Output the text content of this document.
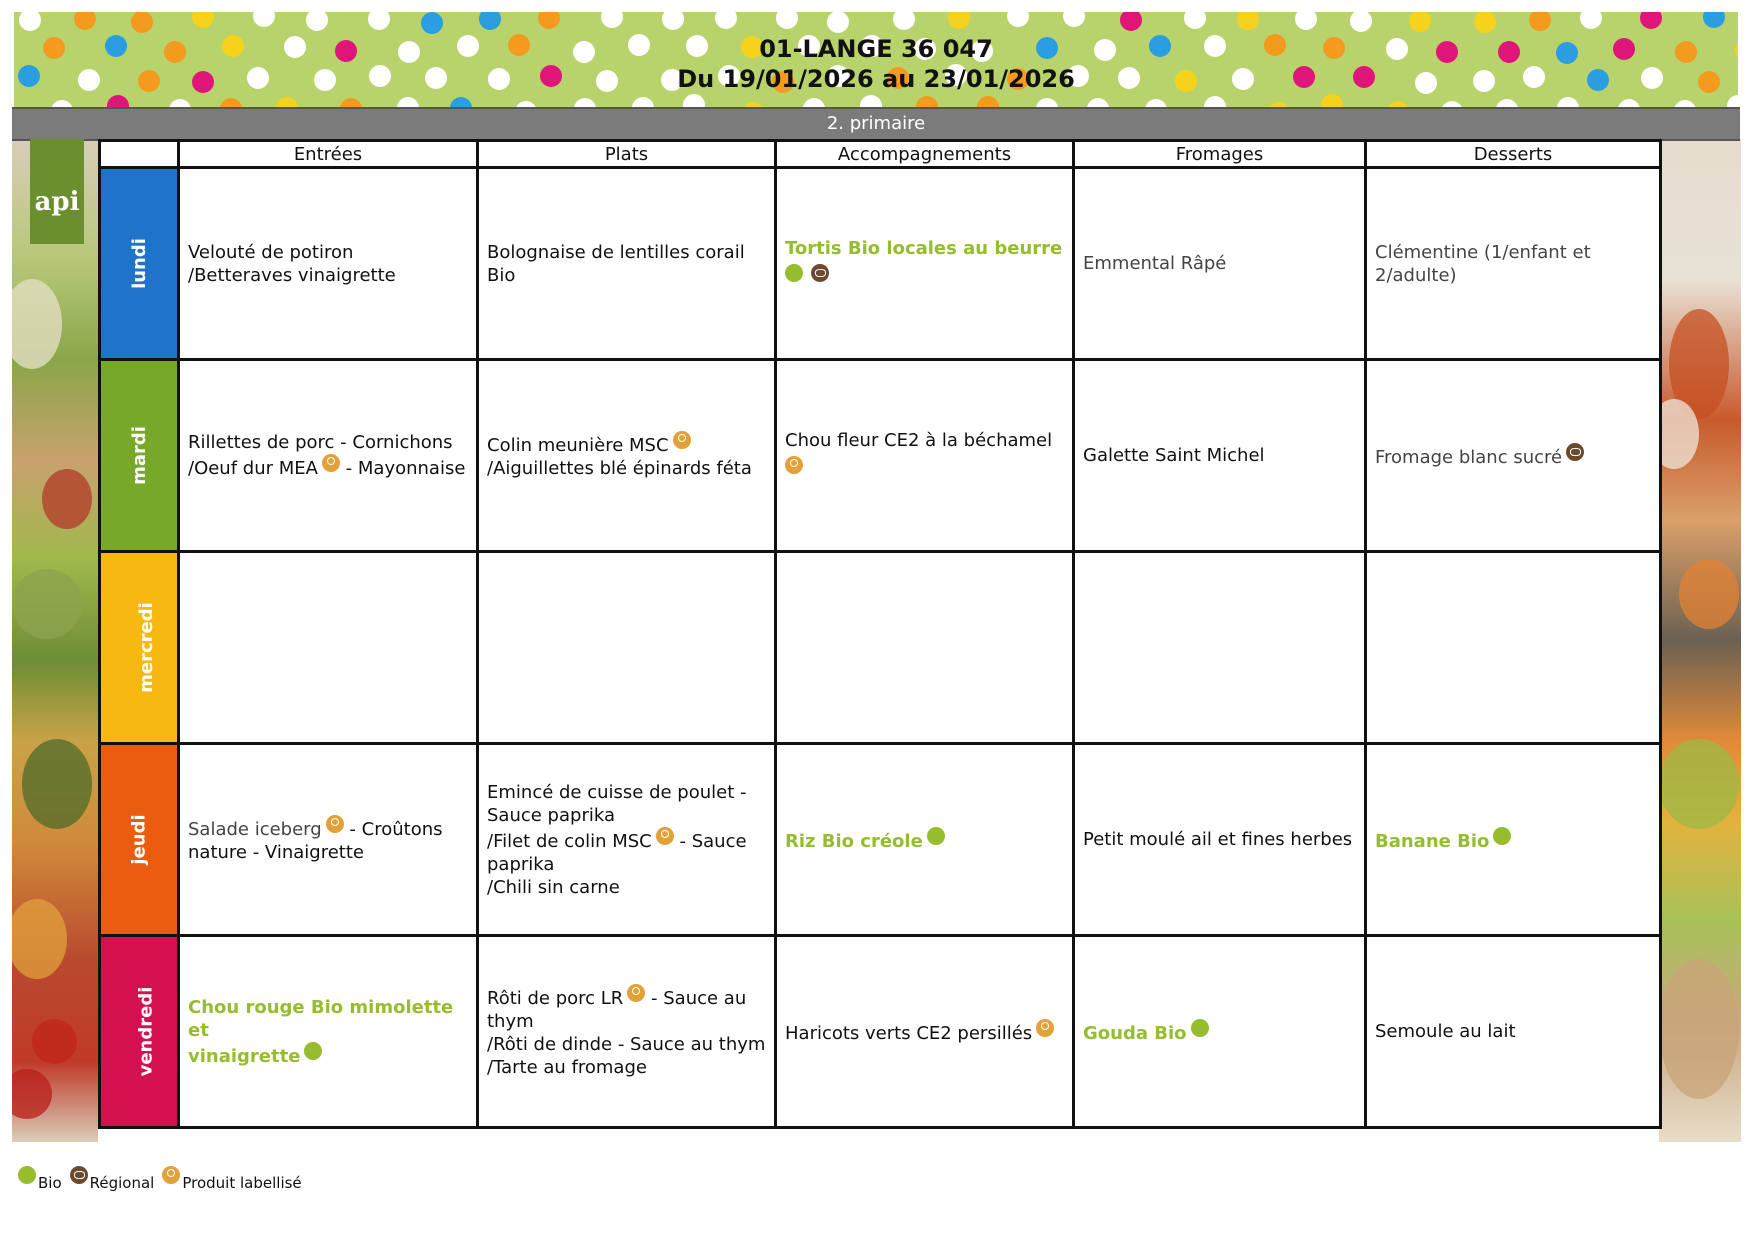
01-LANGE 36 047
Du 19/01/2026 au 23/01/2026
2. primaire
api
	Entrées	Plats	Accompagnements	Fromages	Desserts
lundi	Velouté de potiron
/Betteraves vinaigrette	Bolognaise de lentilles corail Bio	Tortis Bio locales au beurre	Emmental Râpé	Clémentine (1/enfant et
2/adulte)

mardi	Rillettes de porc - Cornichons
/Oeuf dur MEA - Mayonnaise	Colin meunière MSC
/Aiguillettes blé épinards féta	Chou fleur CE2 à la béchamel	Galette Saint Michel	Fromage blanc sucré

mercredi					
jeudi	Salade iceberg - Croûtons
nature - Vinaigrette	Emincé de cuisse de poulet -
Sauce paprika
/Filet de colin MSC - Sauce
paprika
/Chili sin carne	Riz Bio créole	Petit moulé ail et fines herbes	Banane Bio

vendredi	Chou rouge Bio mimolette et
vinaigrette	Rôti de porc LR - Sauce au
thym
/Rôti de dinde - Sauce au thym
/Tarte au fromage	Haricots verts CE2 persillés	Gouda Bio	Semoule au lait
Bio Régional Produit labellisé
